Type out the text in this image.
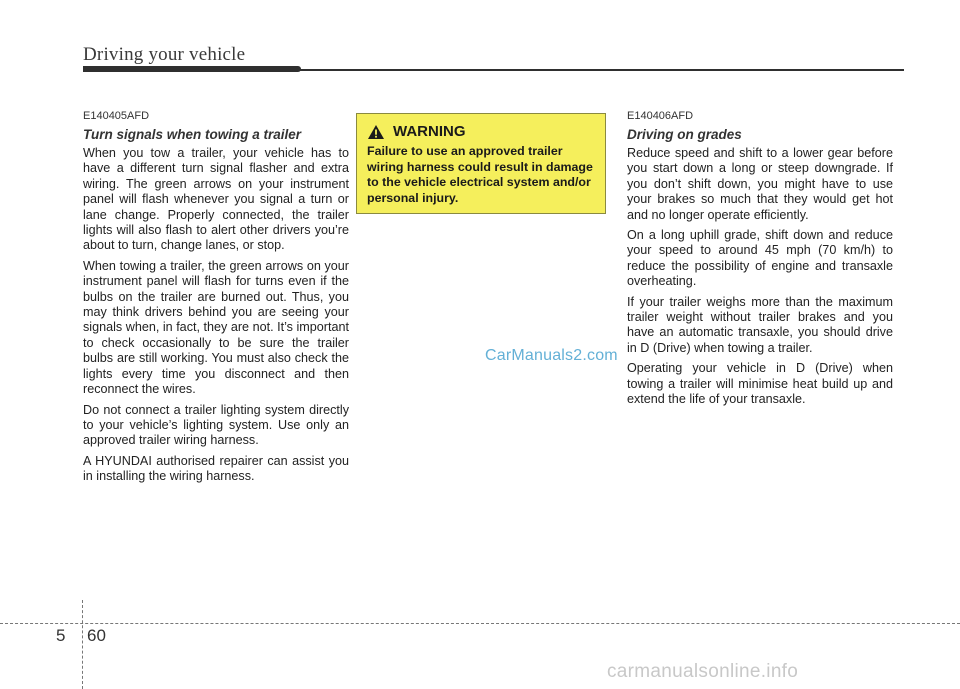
Driving your vehicle

E140405AFD

Turn signals when towing a trailer

When you tow a trailer, your vehicle has to have a different turn signal flasher and extra wiring. The green arrows on your instrument panel will flash whenever you signal a turn or lane change. Properly connected, the trailer lights will also flash to alert other drivers you’re about to turn, change lanes, or stop.

When towing a trailer, the green arrows on your instrument panel will flash for turns even if the bulbs on the trailer are burned out. Thus, you may think drivers behind you are seeing your signals when, in fact, they are not. It’s important to check occasionally to be sure the trailer bulbs are still working. You must also check the lights every time you disconnect and then reconnect the wires.

Do not connect a trailer lighting system directly to your vehicle’s lighting system. Use only an approved trailer wiring harness.

A HYUNDAI authorised repairer can assist you in installing the wiring harness.

WARNING
Failure to use an approved trailer wiring harness could result in damage to the vehicle electrical system and/or personal injury.
CarManuals2.com

E140406AFD

Driving on grades

Reduce speed and shift to a lower gear before you start down a long or steep downgrade. If you don’t shift down, you might have to use your brakes so much that they would get hot and no longer operate efficiently.

On a long uphill grade, shift down and reduce your speed to around 45 mph (70 km/h) to reduce the possibility of engine and transaxle overheating.

If your trailer weighs more than the maximum trailer weight without trailer brakes and you have an automatic transaxle, you should drive in D (Drive) when towing a trailer.

Operating your vehicle in D (Drive) when towing a trailer will minimise heat build up and extend the life of your transaxle.

5 60
carmanualsonline.info
